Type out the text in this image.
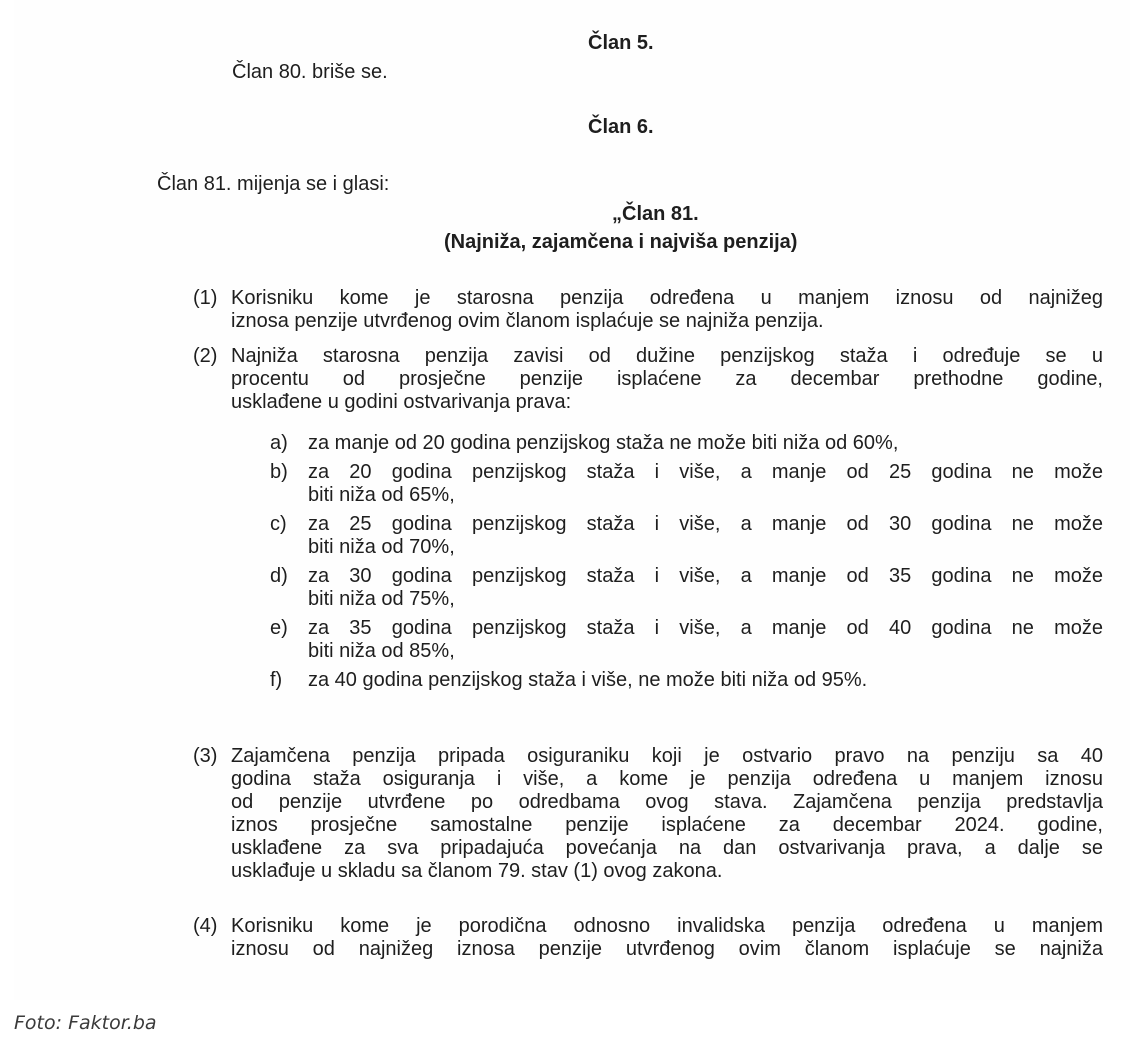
Član 5.
Član 80. briše se.
Član 6.
Član 81. mijenja se i glasi:
„Član 81.
(Najniža, zajamčena i najviša penzija)
(1) Korisniku kome je starosna penzija određena u manjem iznosu od najnižeg
iznosa penzije utvrđenog ovim članom isplaćuje se najniža penzija.
(2) Najniža starosna penzija zavisi od dužine penzijskog staža i određuje se u
procentu od prosječne penzije isplaćene za decembar prethodne godine,
usklađene u godini ostvarivanja prava:
a) za manje od 20 godina penzijskog staža ne može biti niža od 60%,
b) za 20 godina penzijskog staža i više, a manje od 25 godina ne može
biti niža od 65%,
c) za 25 godina penzijskog staža i više, a manje od 30 godina ne može
biti niža od 70%,
d) za 30 godina penzijskog staža i više, a manje od 35 godina ne može
biti niža od 75%,
e) za 35 godina penzijskog staža i više, a manje od 40 godina ne može
biti niža od 85%,
f) za 40 godina penzijskog staža i više, ne može biti niža od 95%.
(3) Zajamčena penzija pripada osiguraniku koji je ostvario pravo na penziju sa 40
godina staža osiguranja i više, a kome je penzija određena u manjem iznosu
od penzije utvrđene po odredbama ovog stava. Zajamčena penzija predstavlja
iznos prosječne samostalne penzije isplaćene za decembar 2024. godine,
usklađene za sva pripadajuća povećanja na dan ostvarivanja prava, a dalje se
usklađuje u skladu sa članom 79. stav (1) ovog zakona.
(4) Korisniku kome je porodična odnosno invalidska penzija određena u manjem
iznosu od najnižeg iznosa penzije utvrđenog ovim članom isplaćuje se najniža
Foto: Faktor.ba
